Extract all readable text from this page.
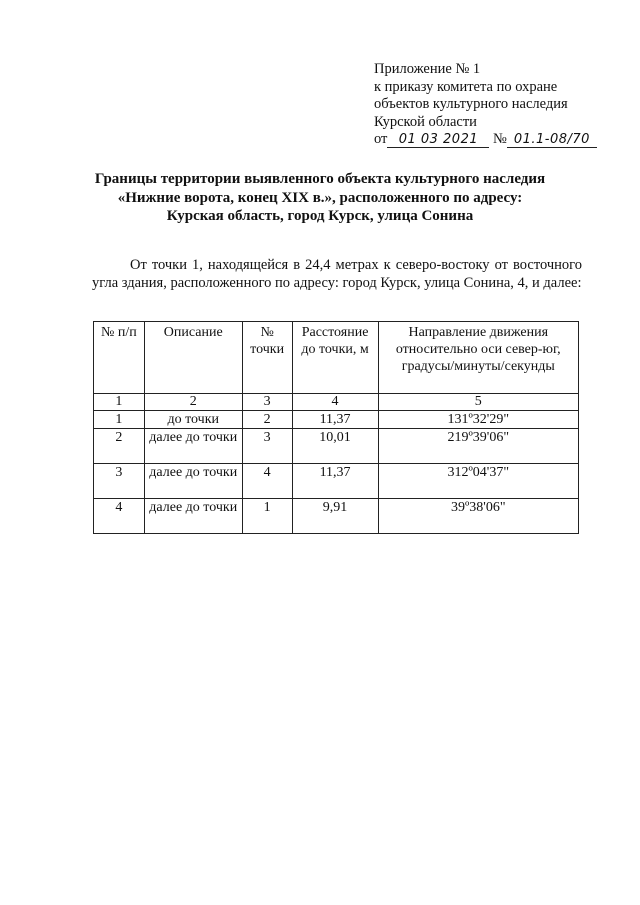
Приложение № 1
к приказу комитета по охране
объектов культурного наследия
Курской области
от 01 03 2021 № 01.1-08/70
Границы территории выявленного объекта культурного наследия
«Нижние ворота, конец XIX в.», расположенного по адресу:
Курская область, город Курск, улица Сонина
От точки 1, находящейся в 24,4 метрах к северо-востоку от восточного угла здания, расположенного по адресу: город Курск, улица Сонина, 4, и далее:
№ п/п	Описание	№ точки	Расстояние до точки, м	Направление движения относительно оси север-юг, градусы/минуты/секунды
1	2	3	4	5
1	до точки	2	11,37	131º32'29"
2	далее до точки	3	10,01	219º39'06"
3	далее до точки	4	11,37	312º04'37"
4	далее до точки	1	9,91	39º38'06"
